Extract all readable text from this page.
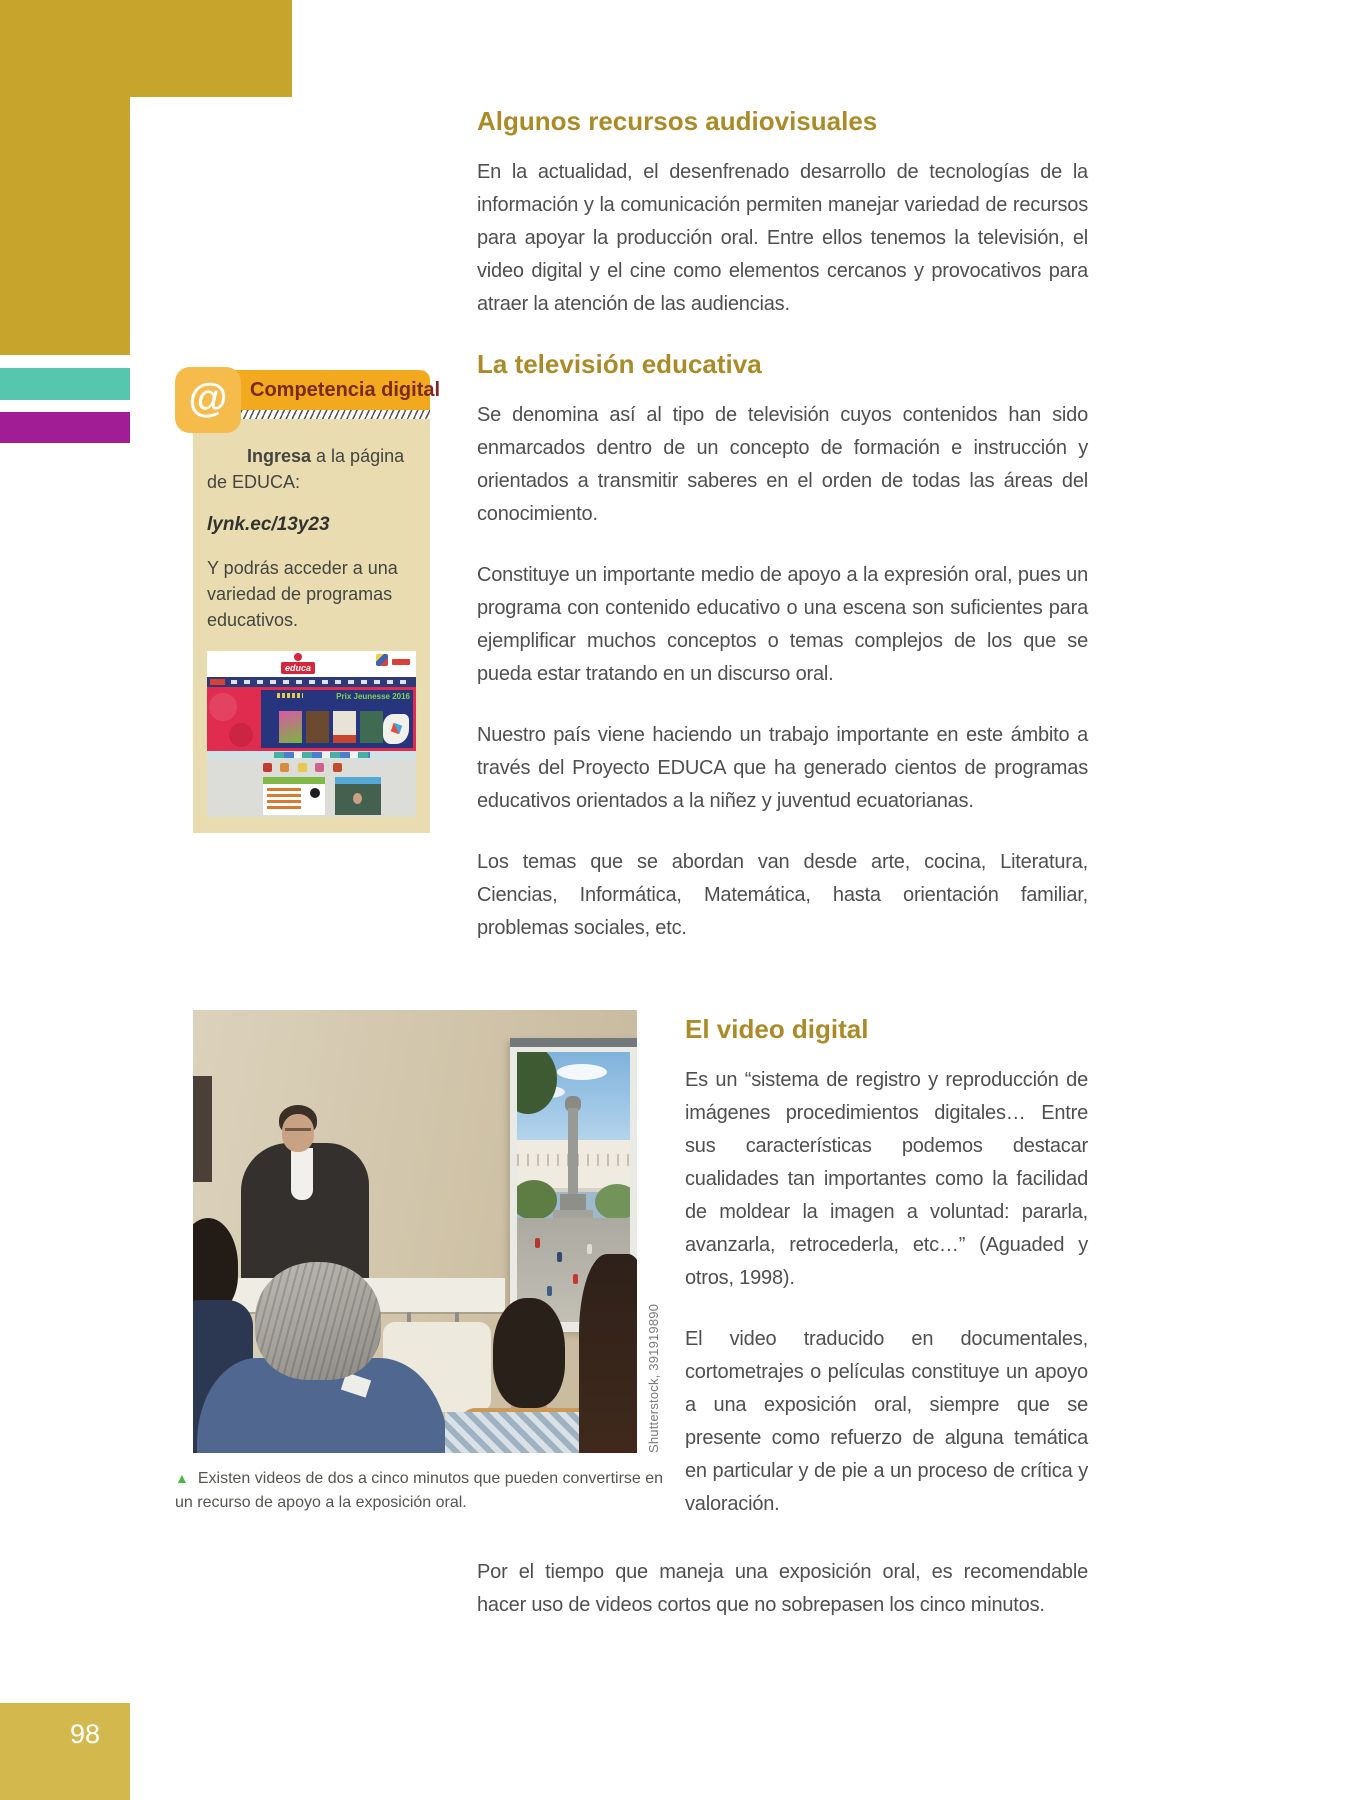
98
@	Competencia digital

Ingresa a la página de EDUCA:

lynk.ec/13y23

Y podrás acceder a una variedad de programas educativos.

educa
Prix Jeunesse 2016

Algunos recursos audiovisuales

En la actualidad, el desenfrenado desarrollo de tecnologías de la información y la comunicación permiten manejar variedad de recursos para apoyar la producción oral. Entre ellos tenemos la televisión, el video digital y el cine como elementos cercanos y provocativos para atraer la atención de las audiencias.

La televisión educativa

Se denomina así al tipo de televisión cuyos contenidos han sido enmarcados dentro de un concepto de formación e instrucción y orientados a transmitir saberes en el orden de todas las áreas del conocimiento.

Constituye un importante medio de apoyo a la expresión oral, pues un programa con contenido educativo o una escena son suficientes para ejemplificar muchos conceptos o temas complejos de los que se pueda estar tratando en un discurso oral.

Nuestro país viene haciendo un trabajo importante en este ámbito a través del Proyecto EDUCA que ha generado cientos de programas educativos orientados a la niñez y juventud ecuatorianas.

Los temas que se abordan van desde arte, cocina, Literatura, Ciencias, Informática, Matemática, hasta orientación familiar, problemas sociales, etc.

Shutterstock, 391919890
El video digital

Es un “sistema de registro y reproducción de imágenes procedimientos digitales… Entre sus características podemos destacar cualidades tan importantes como la facilidad de moldear la imagen a voluntad: pararla, avanzarla, retrocederla, etc…” (Aguaded y otros, 1998).

El video traducido en documentales, cortometrajes o películas constituye un apoyo a una exposición oral, siempre que se presente como refuerzo de alguna temática en particular y de pie a un proceso de crítica y valoración.

▲ Existen videos de dos a cinco minutos que pueden convertirse en un recurso de apoyo a la exposición oral.

Por el tiempo que maneja una exposición oral, es recomendable hacer uso de videos cortos que no sobrepasen los cinco minutos.
